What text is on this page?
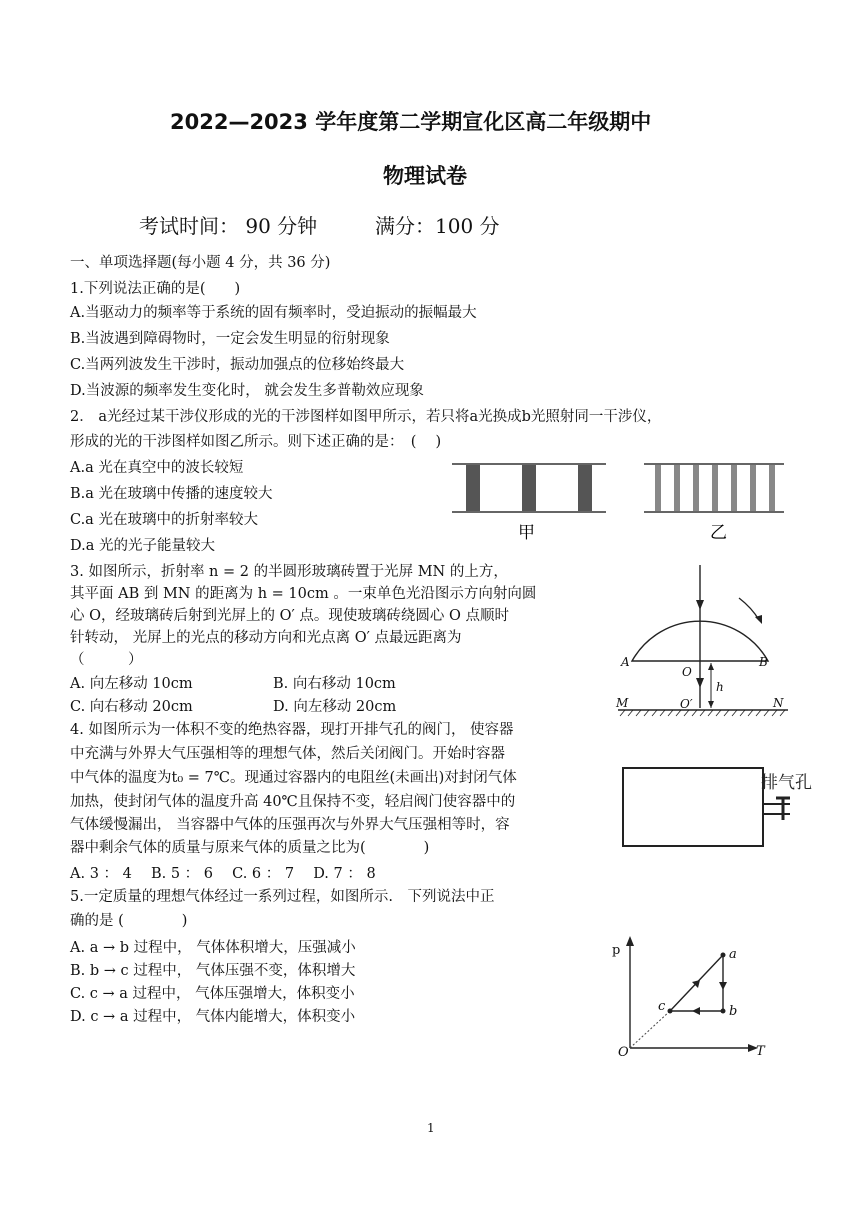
2022—2023 学年度第二学期宣化区高二年级期中
物理试卷
考试时间： 90 分钟	满分：100 分
一、单项选择题(每小题 4 分，共 36 分)
1.下列说法正确的是(　　)
A.当驱动力的频率等于系统的固有频率时，受迫振动的振幅最大
B.当波遇到障碍物时，一定会发生明显的衍射现象
C.当两列波发生干涉时，振动加强点的位移始终最大
D.当波源的频率发生变化时， 就会发生多普勒效应现象
2． a光经过某干涉仪形成的光的干涉图样如图甲所示，若只将a光换成b光照射同一干涉仪，
形成的光的干涉图样如图乙所示。则下述正确的是：　(　 )
A.a 光在真空中的波长较短
B.a 光在玻璃中传播的速度较大
C.a 光在玻璃中的折射率较大
D.a 光的光子能量较大
甲	乙
3. 如图所示，折射率 n = 2 的半圆形玻璃砖置于光屏 MN 的上方，
其平面 AB 到 MN 的距离为 h = 10cm 。一束单色光沿图示方向射向圆
心 O，经玻璃砖后射到光屏上的 O′ 点。现使玻璃砖绕圆心 O 点顺时
针转动， 光屏上的光点的移动方向和光点离 O′ 点最远距离为
（　　　）
A. 向左移动 10cm	B. 向右移动 10cm
C. 向右移动 20cm	D. 向左移动 20cm
A	B
O
O′
h
M	N
4. 如图所示为一体积不变的绝热容器，现打开排气孔的阀门， 使容器
中充满与外界大气压强相等的理想气体，然后关闭阀门。开始时容器
中气体的温度为t₀ = 7℃。现通过容器内的电阻丝(未画出)对封闭气体
加热，使封闭气体的温度升高 40℃且保持不变，轻启阀门使容器中的
气体缓慢漏出， 当容器中气体的压强再次与外界大气压强相等时，容
器中剩余气体的质量与原来气体的质量之比为(　　　　)
A. 3 ： 4　 B. 5 ： 6　 C. 6 ： 7　 D. 7 ： 8
排气孔
5.一定质量的理想气体经过一系列过程，如图所示.　下列说法中正
确的是 (　　　　)
A. a → b 过程中， 气体体积增大，压强减小
B. b → c 过程中， 气体压强不变，体积增大
C. c → a 过程中， 气体压强增大，体积变小
D. c → a 过程中， 气体内能增大，体积变小
p
T
O
a
b
c
1
